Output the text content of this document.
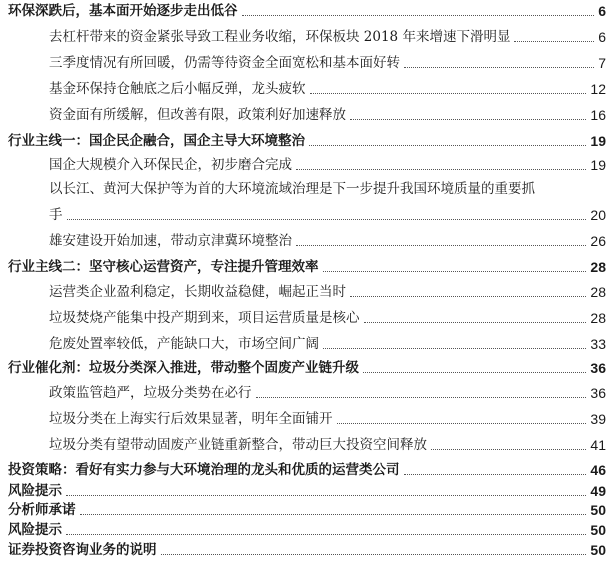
环保深跌后，基本面开始逐步走出低谷	6
去杠杆带来的资金紧张导致工程业务收缩，环保板块 2018 年来增速下滑明显	6
三季度情况有所回暖，仍需等待资金全面宽松和基本面好转	7
基金环保持仓触底之后小幅反弹，龙头疲软	12
资金面有所缓解，但改善有限，政策利好加速释放	16
行业主线一：国企民企融合，国企主导大环境整治	19
国企大规模介入环保民企，初步磨合完成	19
以长江、黄河大保护等为首的大环境流域治理是下一步提升我国环境质量的重要抓
手	20
雄安建设开始加速，带动京津冀环境整治	26
行业主线二：坚守核心运营资产，专注提升管理效率	28
运营类企业盈利稳定，长期收益稳健，崛起正当时	28
垃圾焚烧产能集中投产期到来，项目运营质量是核心	28
危废处置率较低，产能缺口大，市场空间广阔	33
行业催化剂：垃圾分类深入推进，带动整个固废产业链升级	36
政策监管趋严，垃圾分类势在必行	36
垃圾分类在上海实行后效果显著，明年全面铺开	39
垃圾分类有望带动固废产业链重新整合，带动巨大投资空间释放	41
投资策略：看好有实力参与大环境治理的龙头和优质的运营类公司	46
风险提示	49
分析师承诺	50
风险提示	50
证券投资咨询业务的说明	50
